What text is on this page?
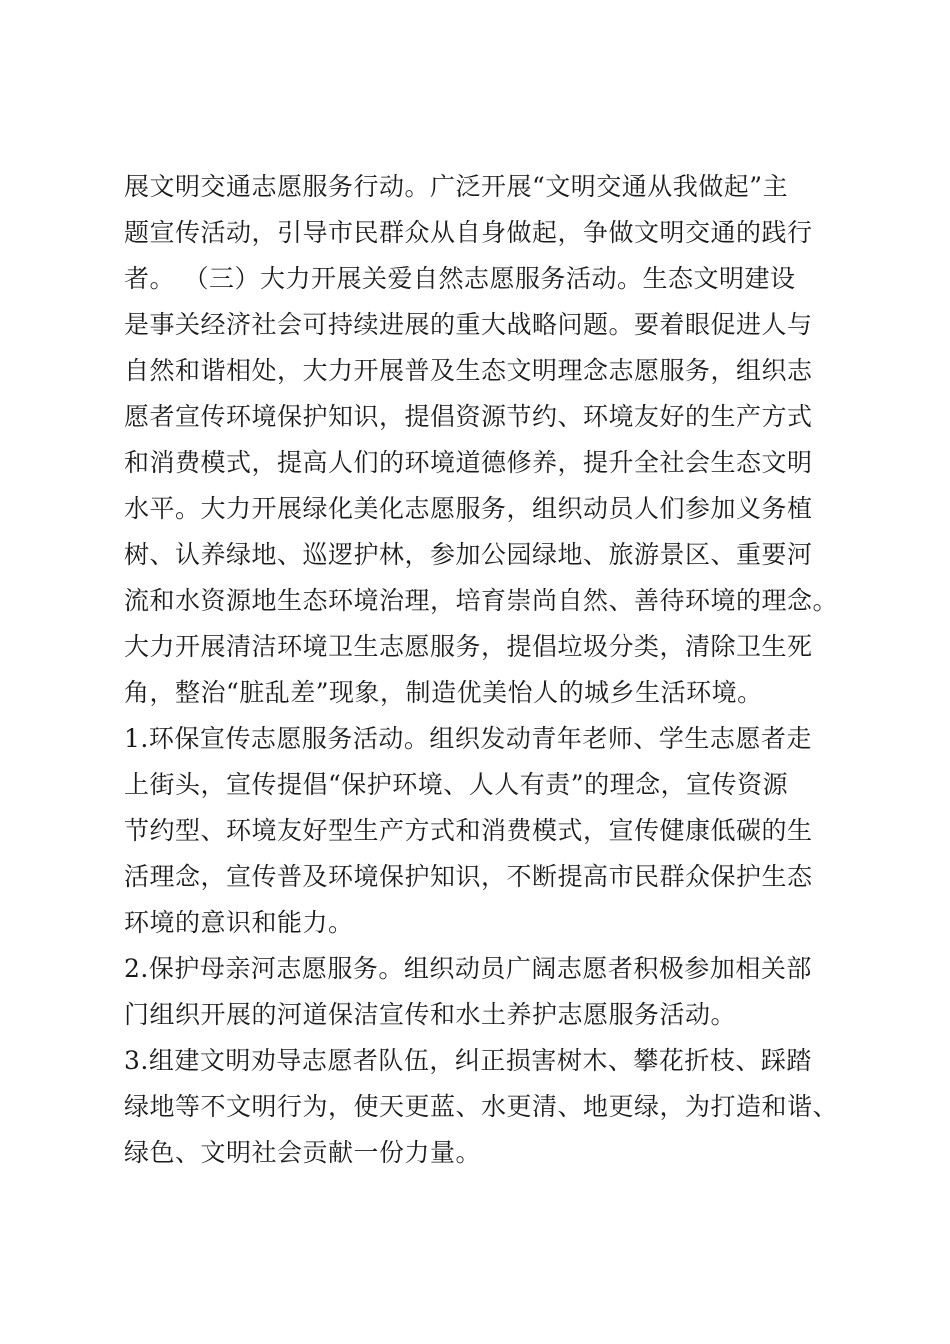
展文明交通志愿服务行动。广泛开展“文明交通从我做起”主
题宣传活动，引导市民群众从自身做起，争做文明交通的践行
者。 （三）大力开展关爱自然志愿服务活动。生态文明建设
是事关经济社会可持续进展的重大战略问题。要着眼促进人与
自然和谐相处，大力开展普及生态文明理念志愿服务，组织志
愿者宣传环境保护知识，提倡资源节约、环境友好的生产方式
和消费模式，提高人们的环境道德修养，提升全社会生态文明
水平。大力开展绿化美化志愿服务，组织动员人们参加义务植
树、认养绿地、巡逻护林，参加公园绿地、旅游景区、重要河
流和水资源地生态环境治理，培育崇尚自然、善待环境的理念。
大力开展清洁环境卫生志愿服务，提倡垃圾分类，清除卫生死
角，整治“脏乱差”现象，制造优美怡人的城乡生活环境。
1.环保宣传志愿服务活动。组织发动青年老师、学生志愿者走
上街头，宣传提倡“保护环境、人人有责”的理念，宣传资源
节约型、环境友好型生产方式和消费模式，宣传健康低碳的生
活理念，宣传普及环境保护知识，不断提高市民群众保护生态
环境的意识和能力。
2.保护母亲河志愿服务。组织动员广阔志愿者积极参加相关部
门组织开展的河道保洁宣传和水土养护志愿服务活动。
3.组建文明劝导志愿者队伍，纠正损害树木、攀花折枝、踩踏
绿地等不文明行为，使天更蓝、水更清、地更绿，为打造和谐、
绿色、文明社会贡献一份力量。
